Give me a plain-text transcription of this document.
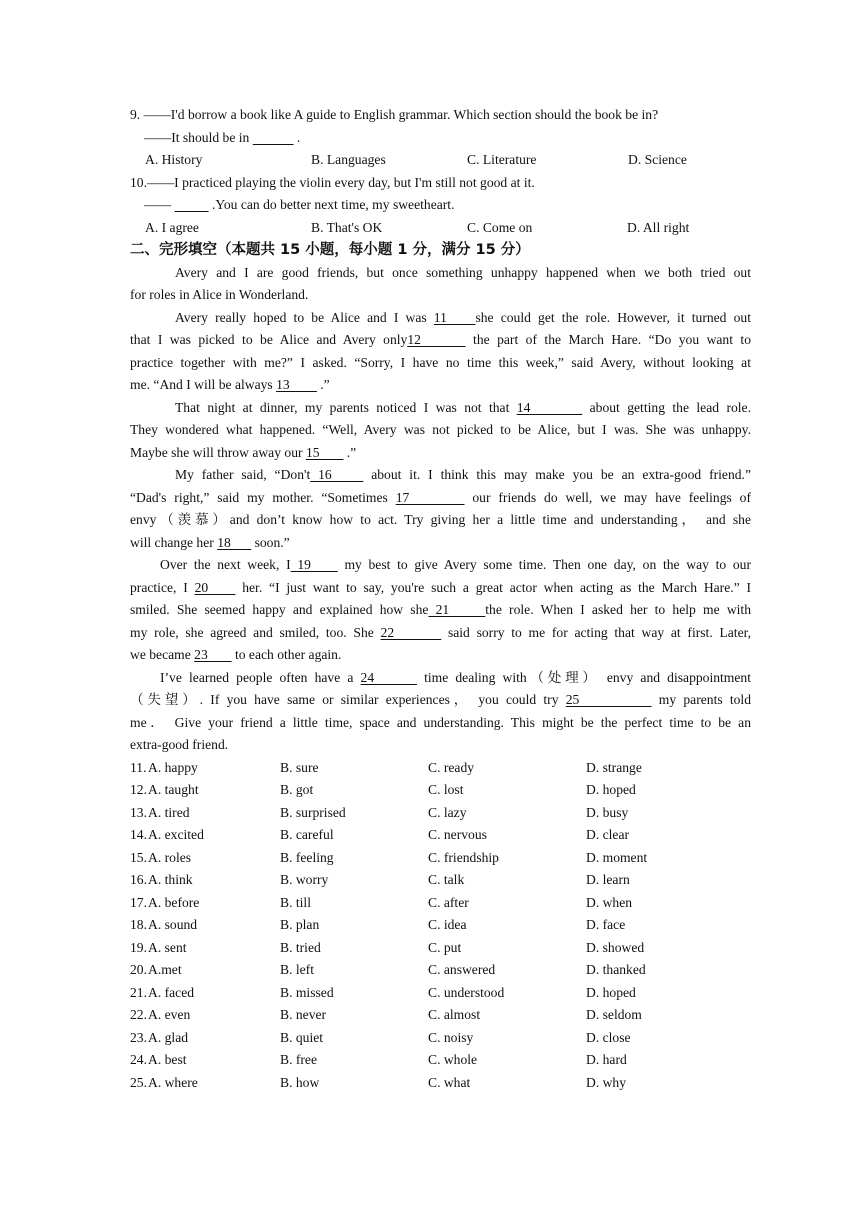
9. ——I'd borrow a book like A guide to English grammar. Which section should the book be in?
——It should be in	.
A. History	B. Languages	C. Literature	D. Science
10.——I practiced playing the violin every day, but I'm still not good at it.
——            .You can do better next time, my sweetheart.
A. I agree	B. That's OK	C. Come on	D. All right
二、完形填空（本题共 15 小题，每小题 1 分，满分 15 分）
Avery and I are good friends, but once something unhappy happened when we both tried out
for roles in Alice in Wonderland.
Avery really hoped to be Alice and I was 11    she could get the role. However, it turned out
that I was picked to be Alice and Avery only12       the part of the March Hare. “Do you want to
practice together with me?” I asked. “Sorry, I have no time this week,” said Avery, without looking at
me. “And I will be always 13         .”
That night at dinner, my parents noticed I was not that 14        about getting the lead role.
They wondered what happened. “Well, Avery was not picked to be Alice, but I was. She was unhappy.
Maybe she will throw away our 15        .”
My father said, “Don't 16     about it. I think this may make you be an extra-good friend.”
“Dad's right,” said my mother. “Sometimes 17        our friends do well, we may have feelings of
envy（羡慕）and don’t know how to act. Try giving her a little time and understanding， and she
will change her 18       soon.”
Over the next week, I 19     my best to give Avery some time. Then one day, on the way to our
practice, I 20     her. “I just want to say, you're such a great actor when acting as the March Hare.” I
smiled. She seemed happy and explained how she 21     the role. When I asked her to help me with
my role, she agreed and smiled, too. She 22        said sorry to me for acting that way at first. Later,
we became 23        to each other again.
I’ve learned people often have a 24       time dealing with（处理） envy and disappointment
（失望）. If you have same or similar experiences， you could try 25           my parents told
me． Give your friend a little time, space and understanding. This might be the perfect time to be an
extra-good friend.
11. A. happy	B. sure	C. ready	D. strange
12. A. taught	B. got	C. lost	D. hoped
13. A. tired	B. surprised	C. lazy	D. busy
14. A. excited	B. careful	C. nervous	D. clear
15. A. roles	B. feeling	C. friendship	D. moment
16. A. think	B. worry	C. talk	D. learn
17. A. before	B. till	C. after	D. when
18. A. sound	B. plan	C. idea	D. face
19. A. sent	B. tried	C. put	D. showed
20. A.met	B. left	C. answered	D. thanked
21. A. faced	B. missed	C. understood	D. hoped
22. A. even	B. never	C. almost	D. seldom
23. A. glad	B. quiet	C. noisy	D. close
24. A. best	B. free	C. whole	D. hard
25. A. where	B. how	C. what	D. why
